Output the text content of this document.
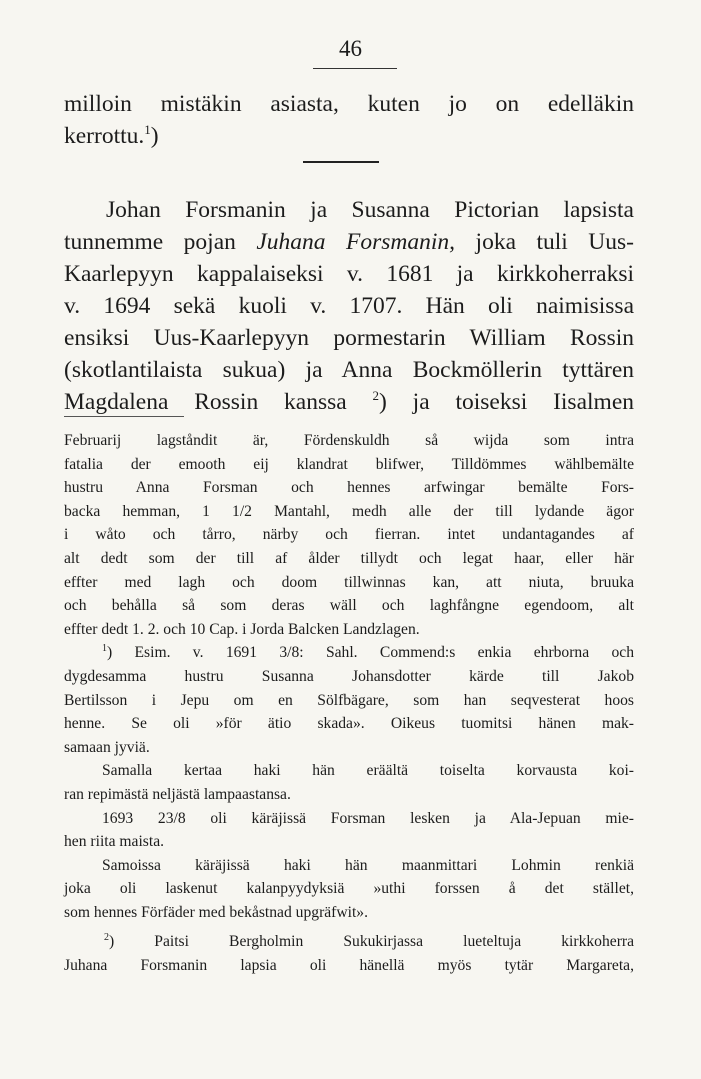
46
milloin mistäkin asiasta, kuten jo on edelläkin
kerrottu.$^1$)
Johan Forsmanin ja Susanna Pictorian lapsista
tunnemme pojan Juhana Forsmanin, joka tuli Uus-
Kaarlepyyn kappalaiseksi v. 1681 ja kirkkoherraksi
v. 1694 sekä kuoli v. 1707. Hän oli naimisissa
ensiksi Uus-Kaarlepyyn pormestarin William Rossin
(skotlantilaista sukua) ja Anna Bockmöllerin tyttären
Magdalena Rossin kanssa $^2$) ja toiseksi Iisalmen
Februarij lagståndit är, Fördenskuldh så wijda som intra
fatalia der emooth eij klandrat blifwer, Tilldömmes wählbemälte
hustru Anna Forsman och hennes arfwingar bemälte Fors-
backa hemman, 1 1/2 Mantahl, medh alle der till lydande ägor
i wåto och tårro, närby och fierran. intet undantagandes af
alt dedt som der till af ålder tillydt och legat haar, eller här
effter med lagh och doom tillwinnas kan, att niuta, bruuka
och behålla så som deras wäll och laghfångne egendoom, alt
effter dedt 1. 2. och 10 Cap. i Jorda Balcken Landzlagen.
$^1$) Esim. v. 1691 3/8: Sahl. Commend:s enkia ehrborna och
dygdesamma hustru Susanna Johansdotter kärde till Jakob
Bertilsson i Jepu om en Sölfbägare, som han seqvesterat hoos
henne. Se oli »för ätio skada». Oikeus tuomitsi hänen mak-
samaan jyviä.
Samalla kertaa haki hän eräältä toiselta korvausta koi-
ran repimästä neljästä lampaastansa.
1693 23/8 oli käräjissä Forsman lesken ja Ala-Jepuan mie-
hen riita maista.
Samoissa käräjissä haki hän maanmittari Lohmin renkiä
joka oli laskenut kalanpyydyksiä »uthi forssen å det stället,
som hennes Förfäder med bekåstnad upgräfwit».
$^2$) Paitsi Bergholmin Sukukirjassa lueteltuja kirkkoherra
Juhana Forsmanin lapsia oli hänellä myös tytär Margareta,
